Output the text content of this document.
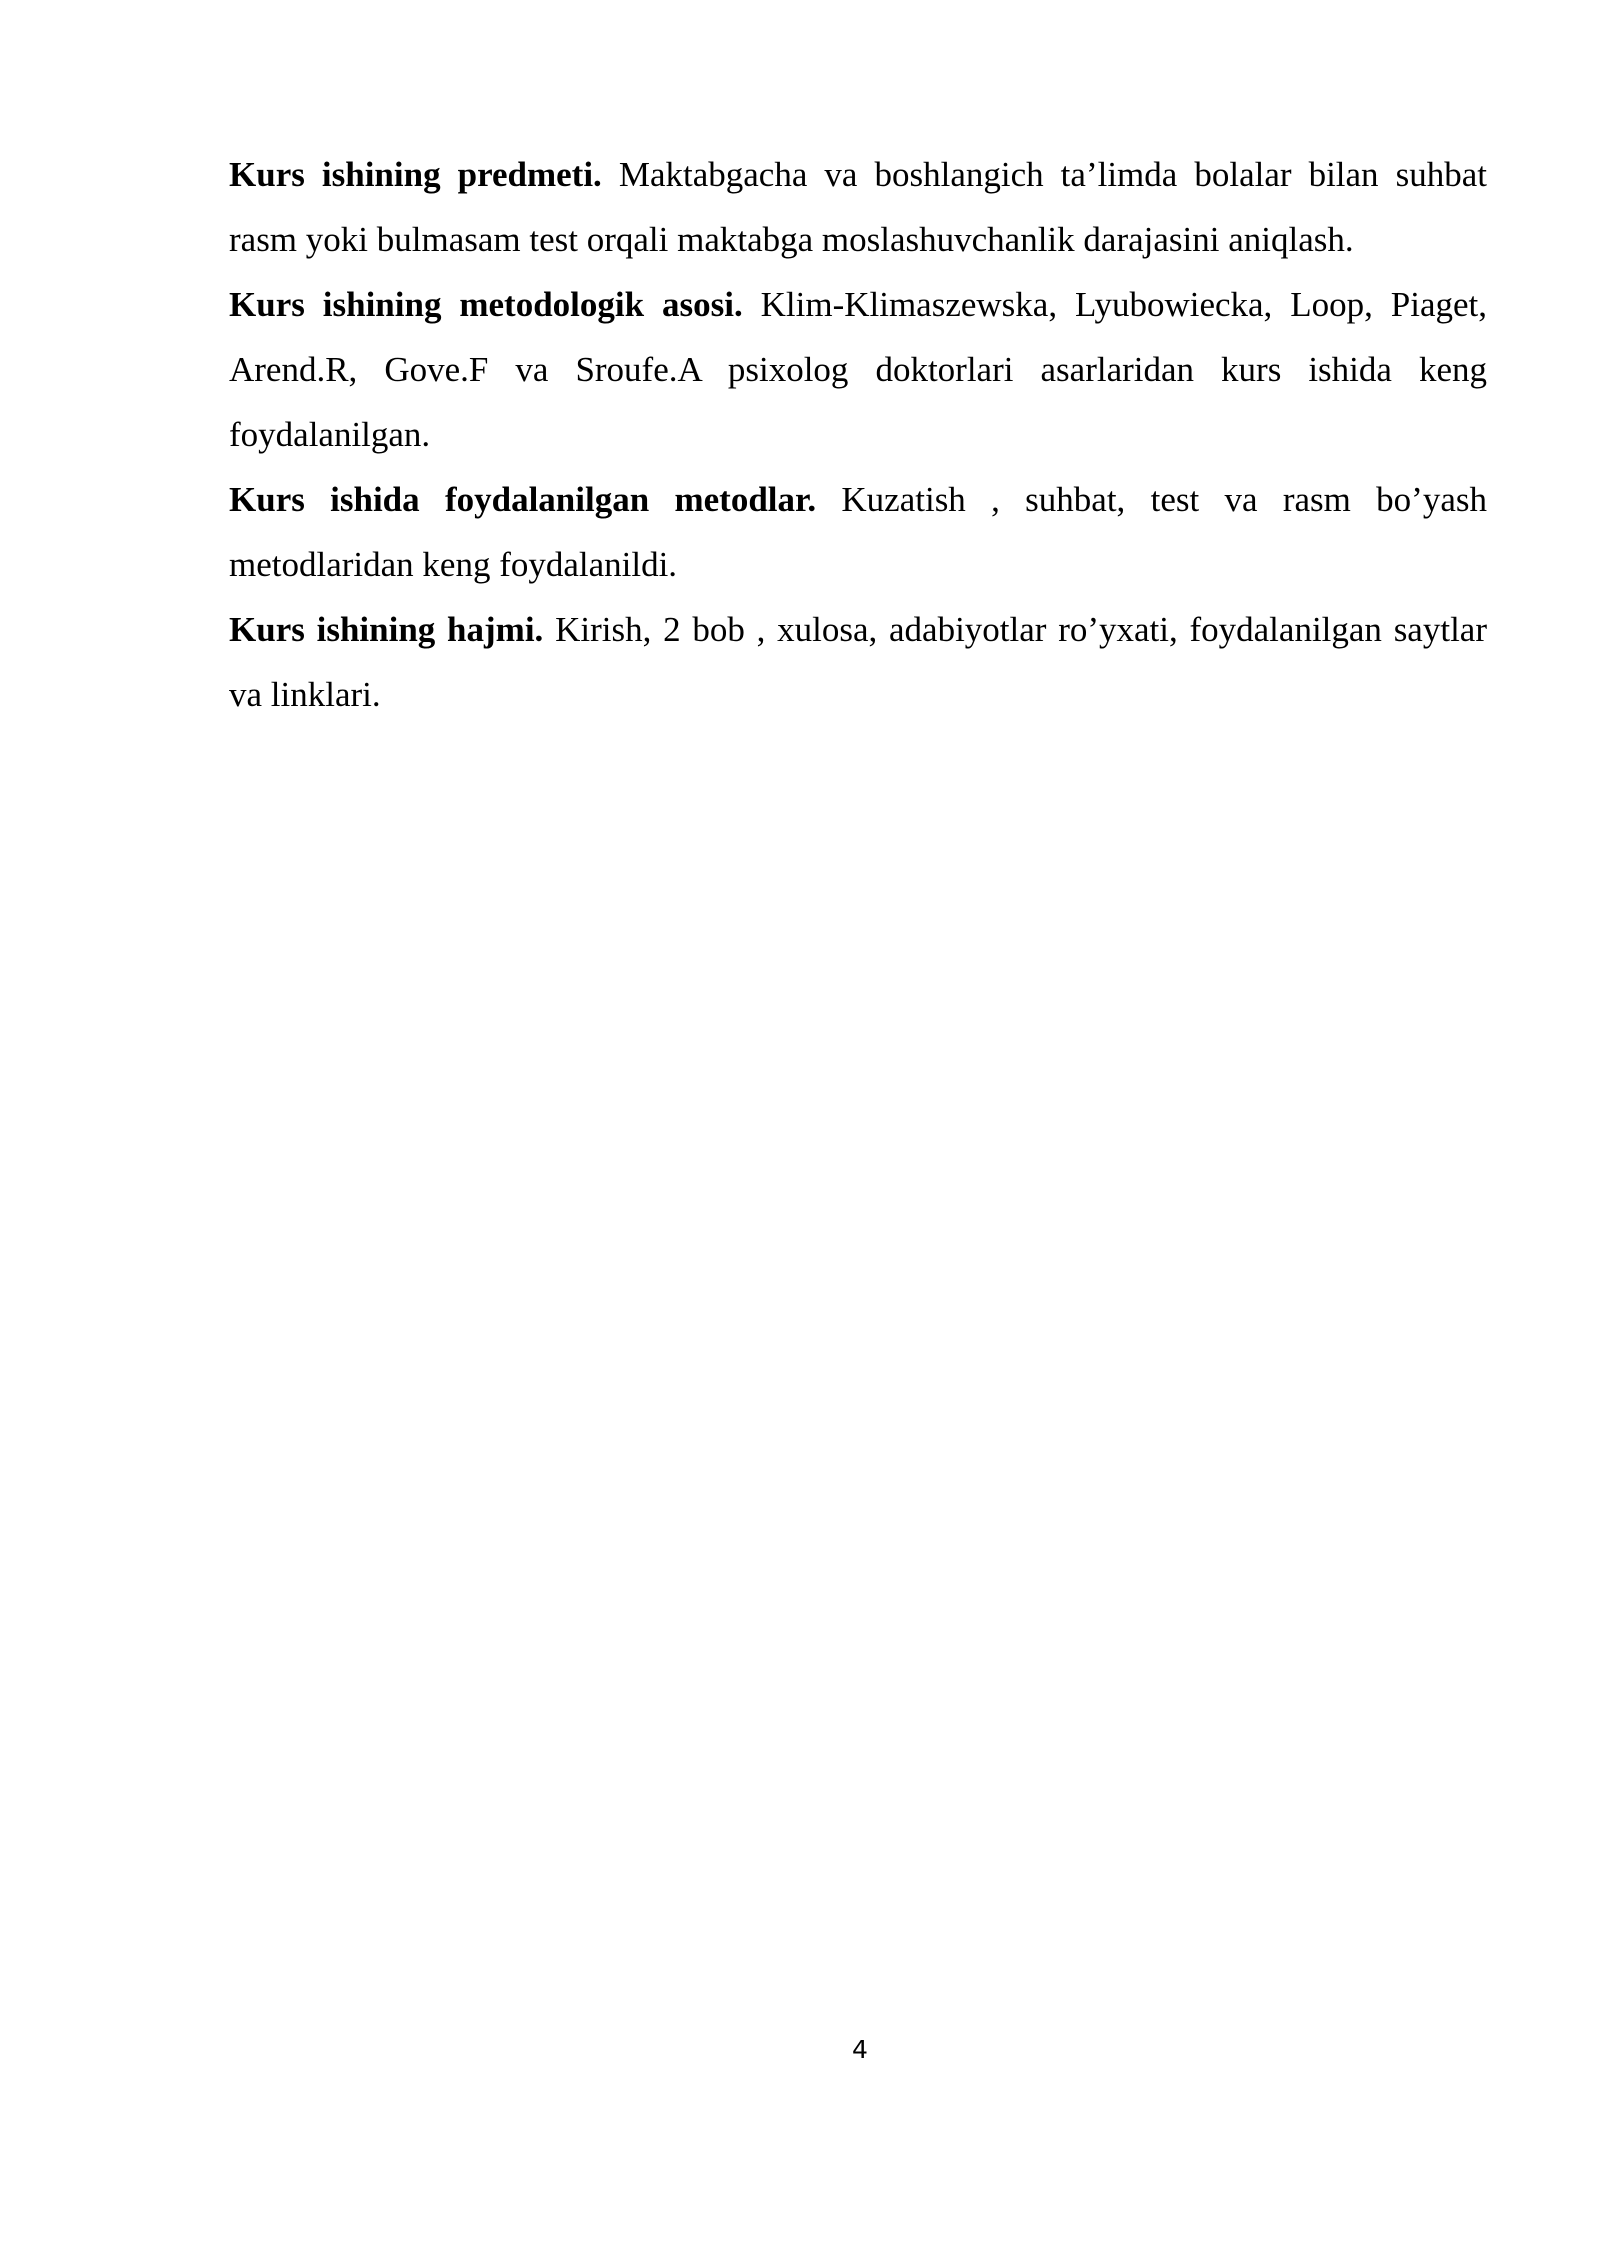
Kurs ishining predmeti. Maktabgacha va boshlangich ta’limda bolalar bilan suhbat rasm yoki bulmasam test orqali maktabga moslashuvchanlik darajasini aniqlash.

Kurs ishining metodologik asosi. Klim-Klimaszewska, Lyubowiecka, Loop, Piaget, Arend.R, Gove.F va Sroufe.A psixolog doktorlari asarlaridan kurs ishida keng foydalanilgan.

Kurs ishida foydalanilgan metodlar. Kuzatish , suhbat, test va rasm bo’yash metodlaridan keng foydalanildi.

Kurs ishining hajmi. Kirish, 2 bob , xulosa, adabiyotlar ro’yxati, foydalanilgan saytlar va linklari.

4
